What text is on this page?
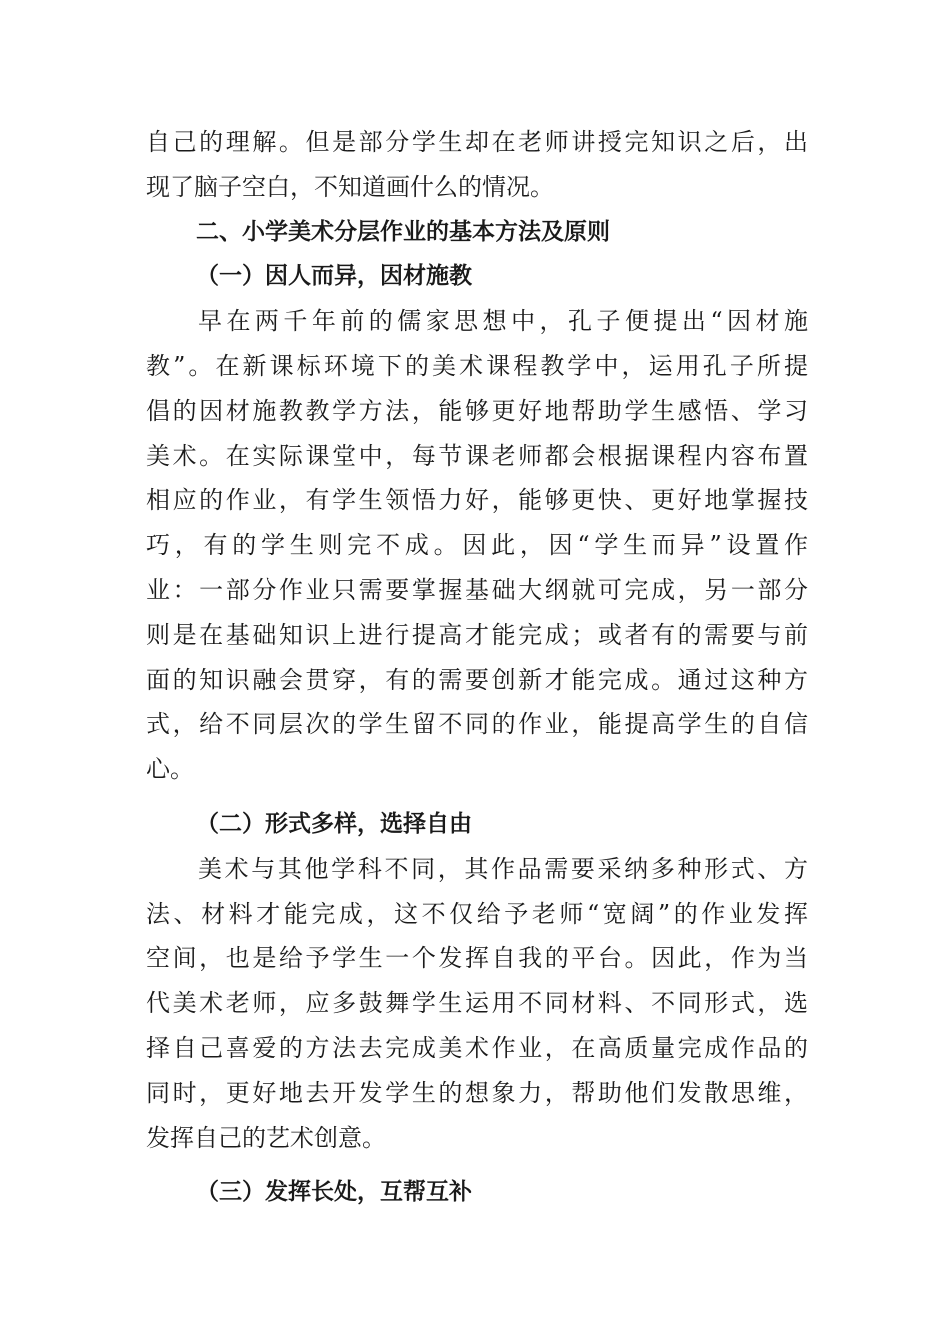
自己的理解。但是部分学生却在老师讲授完知识之后，出
现了脑子空白，不知道画什么的情况。
二、小学美术分层作业的基本方法及原则
（一）因人而异，因材施教
早在两千年前的儒家思想中，孔子便提出“因材施
教”。在新课标环境下的美术课程教学中，运用孔子所提
倡的因材施教教学方法，能够更好地帮助学生感悟、学习
美术。在实际课堂中，每节课老师都会根据课程内容布置
相应的作业，有学生领悟力好，能够更快、更好地掌握技
巧，有的学生则完不成。因此，因“学生而异”设置作
业：一部分作业只需要掌握基础大纲就可完成，另一部分
则是在基础知识上进行提高才能完成；或者有的需要与前
面的知识融会贯穿，有的需要创新才能完成。通过这种方
式，给不同层次的学生留不同的作业，能提高学生的自信
心。
（二）形式多样，选择自由
美术与其他学科不同，其作品需要采纳多种形式、方
法、材料才能完成，这不仅给予老师“宽阔”的作业发挥
空间，也是给予学生一个发挥自我的平台。因此，作为当
代美术老师，应多鼓舞学生运用不同材料、不同形式，选
择自己喜爱的方法去完成美术作业，在高质量完成作品的
同时，更好地去开发学生的想象力，帮助他们发散思维，
发挥自己的艺术创意。
（三）发挥长处，互帮互补
